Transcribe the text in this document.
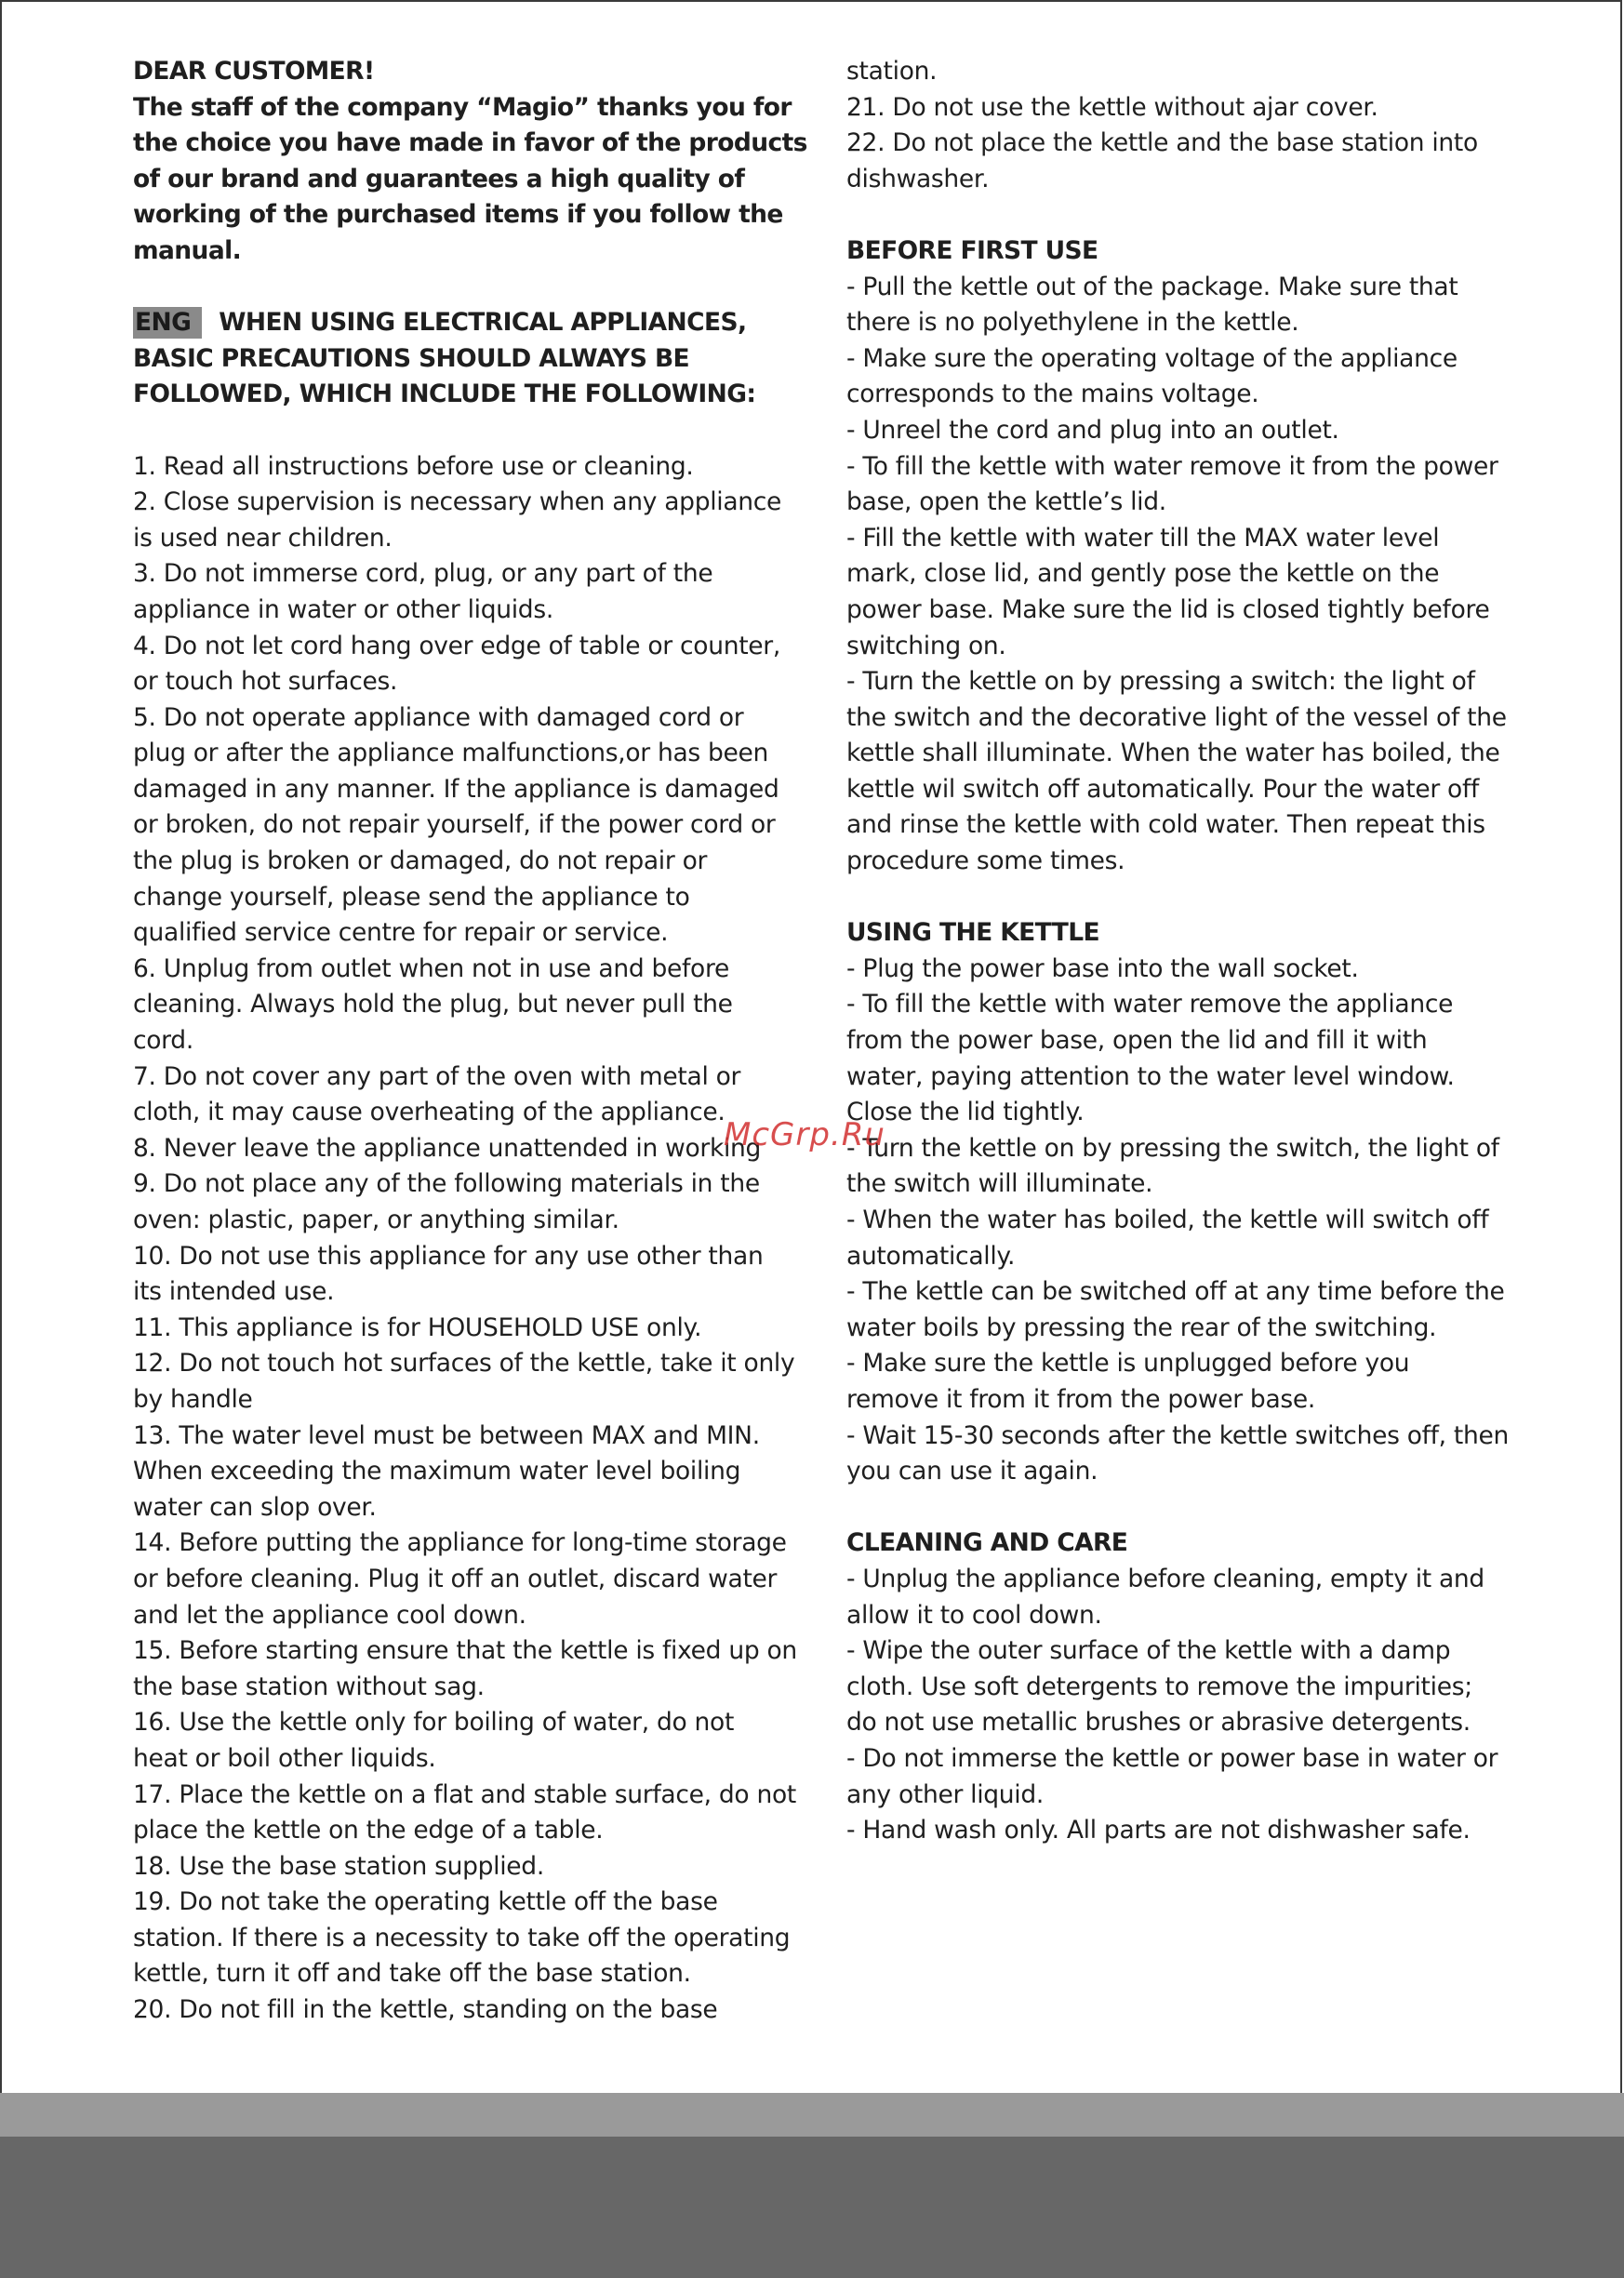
DEAR CUSTOMER!
The staff of the company “Magio” thanks you for
the choice you have made in favor of the products
of our brand and guarantees a high quality of
working of the purchased items if you follow the
manual.
ENG WHEN USING ELECTRICAL APPLIANCES,
BASIC PRECAUTIONS SHOULD ALWAYS BE
FOLLOWED, WHICH INCLUDE THE FOLLOWING:
1. Read all instructions before use or cleaning.
2. Close supervision is necessary when any appliance
is used near children.
3. Do not immerse cord, plug, or any part of the
appliance in water or other liquids.
4. Do not let cord hang over edge of table or counter,
or touch hot surfaces.
5. Do not operate appliance with damaged cord or
plug or after the appliance malfunctions,or has been
damaged in any manner. If the appliance is damaged
or broken, do not repair yourself, if the power cord or
the plug is broken or damaged, do not repair or
change yourself, please send the appliance to
qualified service centre for repair or service.
6. Unplug from outlet when not in use and before
cleaning. Always hold the plug, but never pull the
cord.
7. Do not cover any part of the oven with metal or
cloth, it may cause overheating of the appliance.
8. Never leave the appliance unattended in working
9. Do not place any of the following materials in the
oven: plastic, paper, or anything similar.
10. Do not use this appliance for any use other than
its intended use.
11. This appliance is for HOUSEHOLD USE only.
12. Do not touch hot surfaces of the kettle, take it only
by handle
13. The water level must be between MAX and MIN.
When exceeding the maximum water level boiling
water can slop over.
14. Before putting the appliance for long-time storage
or before cleaning. Plug it off an outlet, discard water
and let the appliance cool down.
15. Before starting ensure that the kettle is fixed up on
the base station without sag.
16. Use the kettle only for boiling of water, do not
heat or boil other liquids.
17. Place the kettle on a flat and stable surface, do not
place the kettle on the edge of a table.
18. Use the base station supplied.
19. Do not take the operating kettle off the base
station. If there is a necessity to take off the operating
kettle, turn it off and take off the base station.
20. Do not fill in the kettle, standing on the base
station.
21. Do not use the kettle without ajar cover.
22. Do not place the kettle and the base station into
dishwasher.
BEFORE FIRST USE
- Pull the kettle out of the package. Make sure that
there is no polyethylene in the kettle.
- Make sure the operating voltage of the appliance
corresponds to the mains voltage.
- Unreel the cord and plug into an outlet.
- To fill the kettle with water remove it from the power
base, open the kettle’s lid.
- Fill the kettle with water till the MAX water level
mark, close lid, and gently pose the kettle on the
power base. Make sure the lid is closed tightly before
switching on.
- Turn the kettle on by pressing a switch: the light of
the switch and the decorative light of the vessel of the
kettle shall illuminate. When the water has boiled, the
kettle wil switch off automatically. Pour the water off
and rinse the kettle with cold water. Then repeat this
procedure some times.
USING THE KETTLE
- Plug the power base into the wall socket.
- To fill the kettle with water remove the appliance
from the power base, open the lid and fill it with
water, paying attention to the water level window.
Close the lid tightly.
- Turn the kettle on by pressing the switch, the light of
the switch will illuminate.
- When the water has boiled, the kettle will switch off
automatically.
- The kettle can be switched off at any time before the
water boils by pressing the rear of the switching.
- Make sure the kettle is unplugged before you
remove it from it from the power base.
- Wait 15-30 seconds after the kettle switches off, then
you can use it again.
CLEANING AND CARE
- Unplug the appliance before cleaning, empty it and
allow it to cool down.
- Wipe the outer surface of the kettle with a damp
cloth. Use soft detergents to remove the impurities;
do not use metallic brushes or abrasive detergents.
- Do not immerse the kettle or power base in water or
any other liquid.
- Hand wash only. All parts are not dishwasher safe.
McGrp.Ru
